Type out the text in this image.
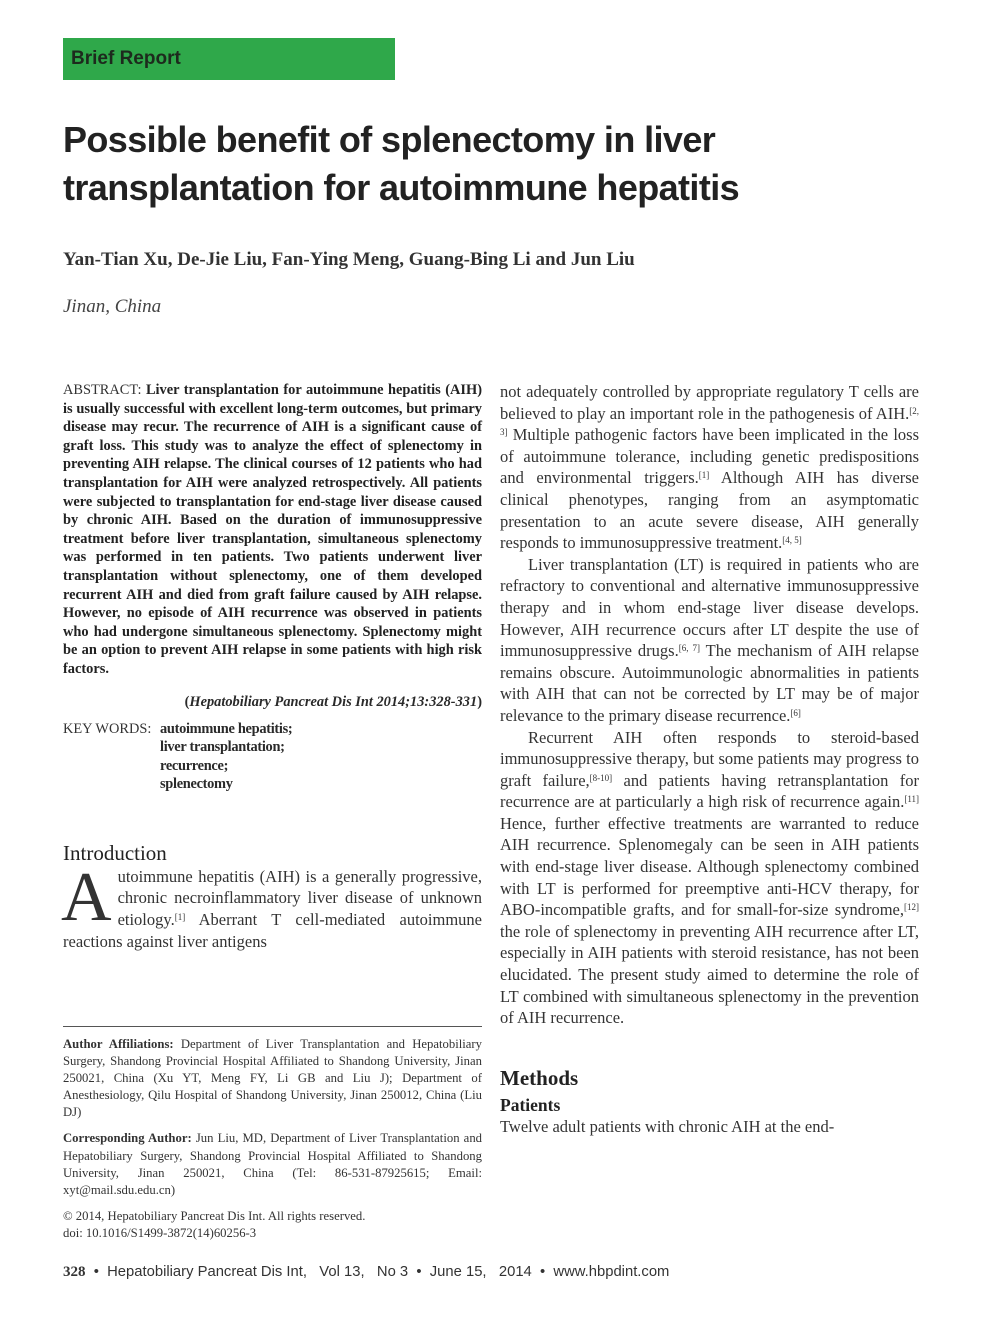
Brief Report
Possible benefit of splenectomy in liver transplantation for autoimmune hepatitis
Yan-Tian Xu, De-Jie Liu, Fan-Ying Meng, Guang-Bing Li and Jun Liu
Jinan, China
ABSTRACT: Liver transplantation for autoimmune hepatitis (AIH) is usually successful with excellent long-term outcomes, but primary disease may recur. The recurrence of AIH is a significant cause of graft loss. This study was to analyze the effect of splenectomy in preventing AIH relapse. The clinical courses of 12 patients who had transplantation for AIH were analyzed retrospectively. All patients were subjected to transplantation for end-stage liver disease caused by chronic AIH. Based on the duration of immunosuppressive treatment before liver transplantation, simultaneous splenectomy was performed in ten patients. Two patients underwent liver transplantation without splenectomy, one of them developed recurrent AIH and died from graft failure caused by AIH relapse. However, no episode of AIH recurrence was observed in patients who had undergone simultaneous splenectomy. Splenectomy might be an option to prevent AIH relapse in some patients with high risk factors.
(Hepatobiliary Pancreat Dis Int 2014;13:328-331)
KEY WORDS: autoimmune hepatitis;
liver transplantation;
recurrence;
splenectomy
Introduction
Autoimmune hepatitis (AIH) is a generally progressive, chronic necroinflammatory liver disease of unknown etiology.[1] Aberrant T cell-mediated autoimmune reactions against liver antigens

Author Affiliations: Department of Liver Transplantation and Hepatobiliary Surgery, Shandong Provincial Hospital Affiliated to Shandong University, Jinan 250021, China (Xu YT, Meng FY, Li GB and Liu J); Department of Anesthesiology, Qilu Hospital of Shandong University, Jinan 250012, China (Liu DJ)

Corresponding Author: Jun Liu, MD, Department of Liver Transplantation and Hepatobiliary Surgery, Shandong Provincial Hospital Affiliated to Shandong University, Jinan 250021, China (Tel: 86-531-87925615; Email: xyt@mail.sdu.edu.cn)

© 2014, Hepatobiliary Pancreat Dis Int. All rights reserved.

doi: 10.1016/S1499-3872(14)60256-3

not adequately controlled by appropriate regulatory T cells are believed to play an important role in the pathogenesis of AIH.[2, 3] Multiple pathogenic factors have been implicated in the loss of autoimmune tolerance, including genetic predispositions and environmental triggers.[1] Although AIH has diverse clinical phenotypes, ranging from an asymptomatic presentation to an acute severe disease, AIH generally responds to immunosuppressive treatment.[4, 5]

Liver transplantation (LT) is required in patients who are refractory to conventional and alternative immunosuppressive therapy and in whom end-stage liver disease develops. However, AIH recurrence occurs after LT despite the use of immunosuppressive drugs.[6, 7] The mechanism of AIH relapse remains obscure. Autoimmunologic abnormalities in patients with AIH that can not be corrected by LT may be of major relevance to the primary disease recurrence.[6]

Recurrent AIH often responds to steroid-based immunosuppressive therapy, but some patients may progress to graft failure,[8-10] and patients having retransplantation for recurrence are at particularly a high risk of recurrence again.[11] Hence, further effective treatments are warranted to reduce AIH recurrence. Splenomegaly can be seen in AIH patients with end-stage liver disease. Although splenectomy combined with LT is performed for preemptive anti-HCV therapy, for ABO-incompatible grafts, and for small-for-size syndrome,[12] the role of splenectomy in preventing AIH recurrence after LT, especially in AIH patients with steroid resistance, has not been elucidated. The present study aimed to determine the role of LT combined with simultaneous splenectomy in the prevention of AIH recurrence.

Methods
Patients

Twelve adult patients with chronic AIH at the end-

328  •  Hepatobiliary Pancreat Dis Int,   Vol 13,   No 3  •  June 15,   2014  •  www.hbpdint.com
